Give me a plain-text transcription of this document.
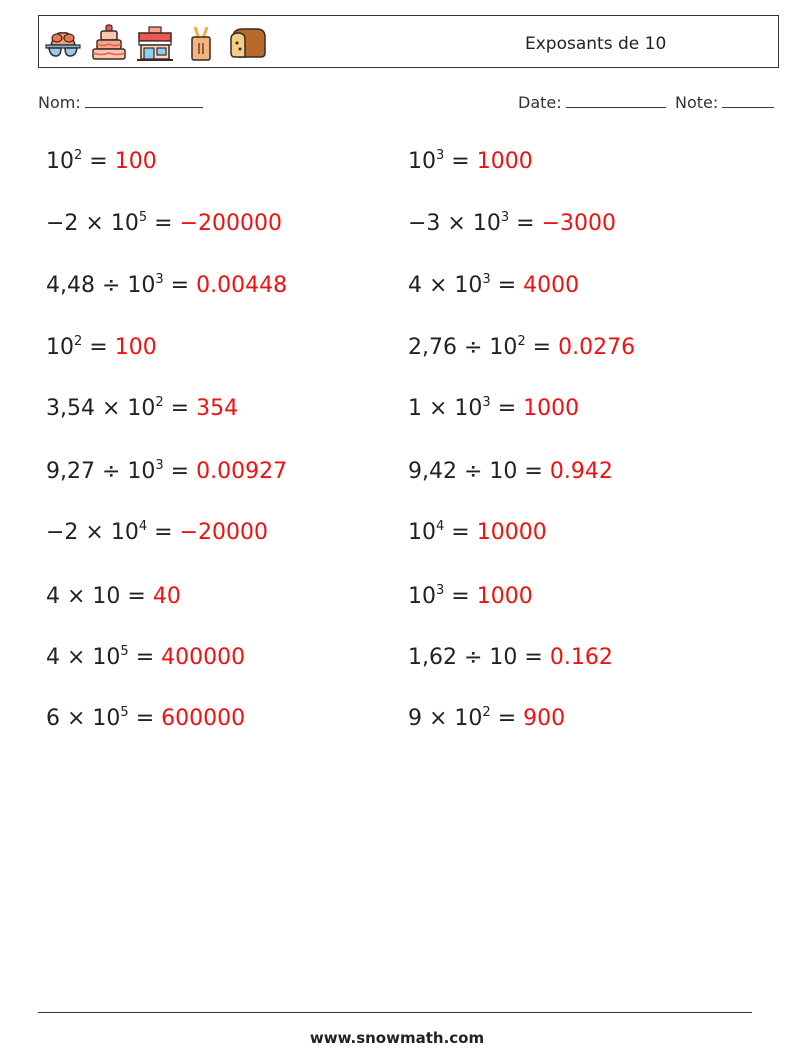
Exposants de 10
Nom:	Date:	Note:
$10^2 = 100$
$-2 \times 10^5 = -200000$
$4,48 \div 10^3 = 0.00448$
$10^2 = 100$
$3,54 \times 10^2 = 354$
$9,27 \div 10^3 = 0.00927$
$-2 \times 10^4 = -20000$
4 × 10 = 40
$4 \times 10^5 = 400000$
$6 \times 10^5 = 600000$
$10^3 = 1000$
$-3 \times 10^3 = -3000$
$4 \times 10^3 = 4000$
$2,76 \div 10^2 = 0.0276$
$1 \times 10^3 = 1000$
9,42 ÷ 10 = 0.942
$10^4 = 10000$
$10^3 = 1000$
1,62 ÷ 10 = 0.162
$9 \times 10^2 = 900$
www.snowmath.com
